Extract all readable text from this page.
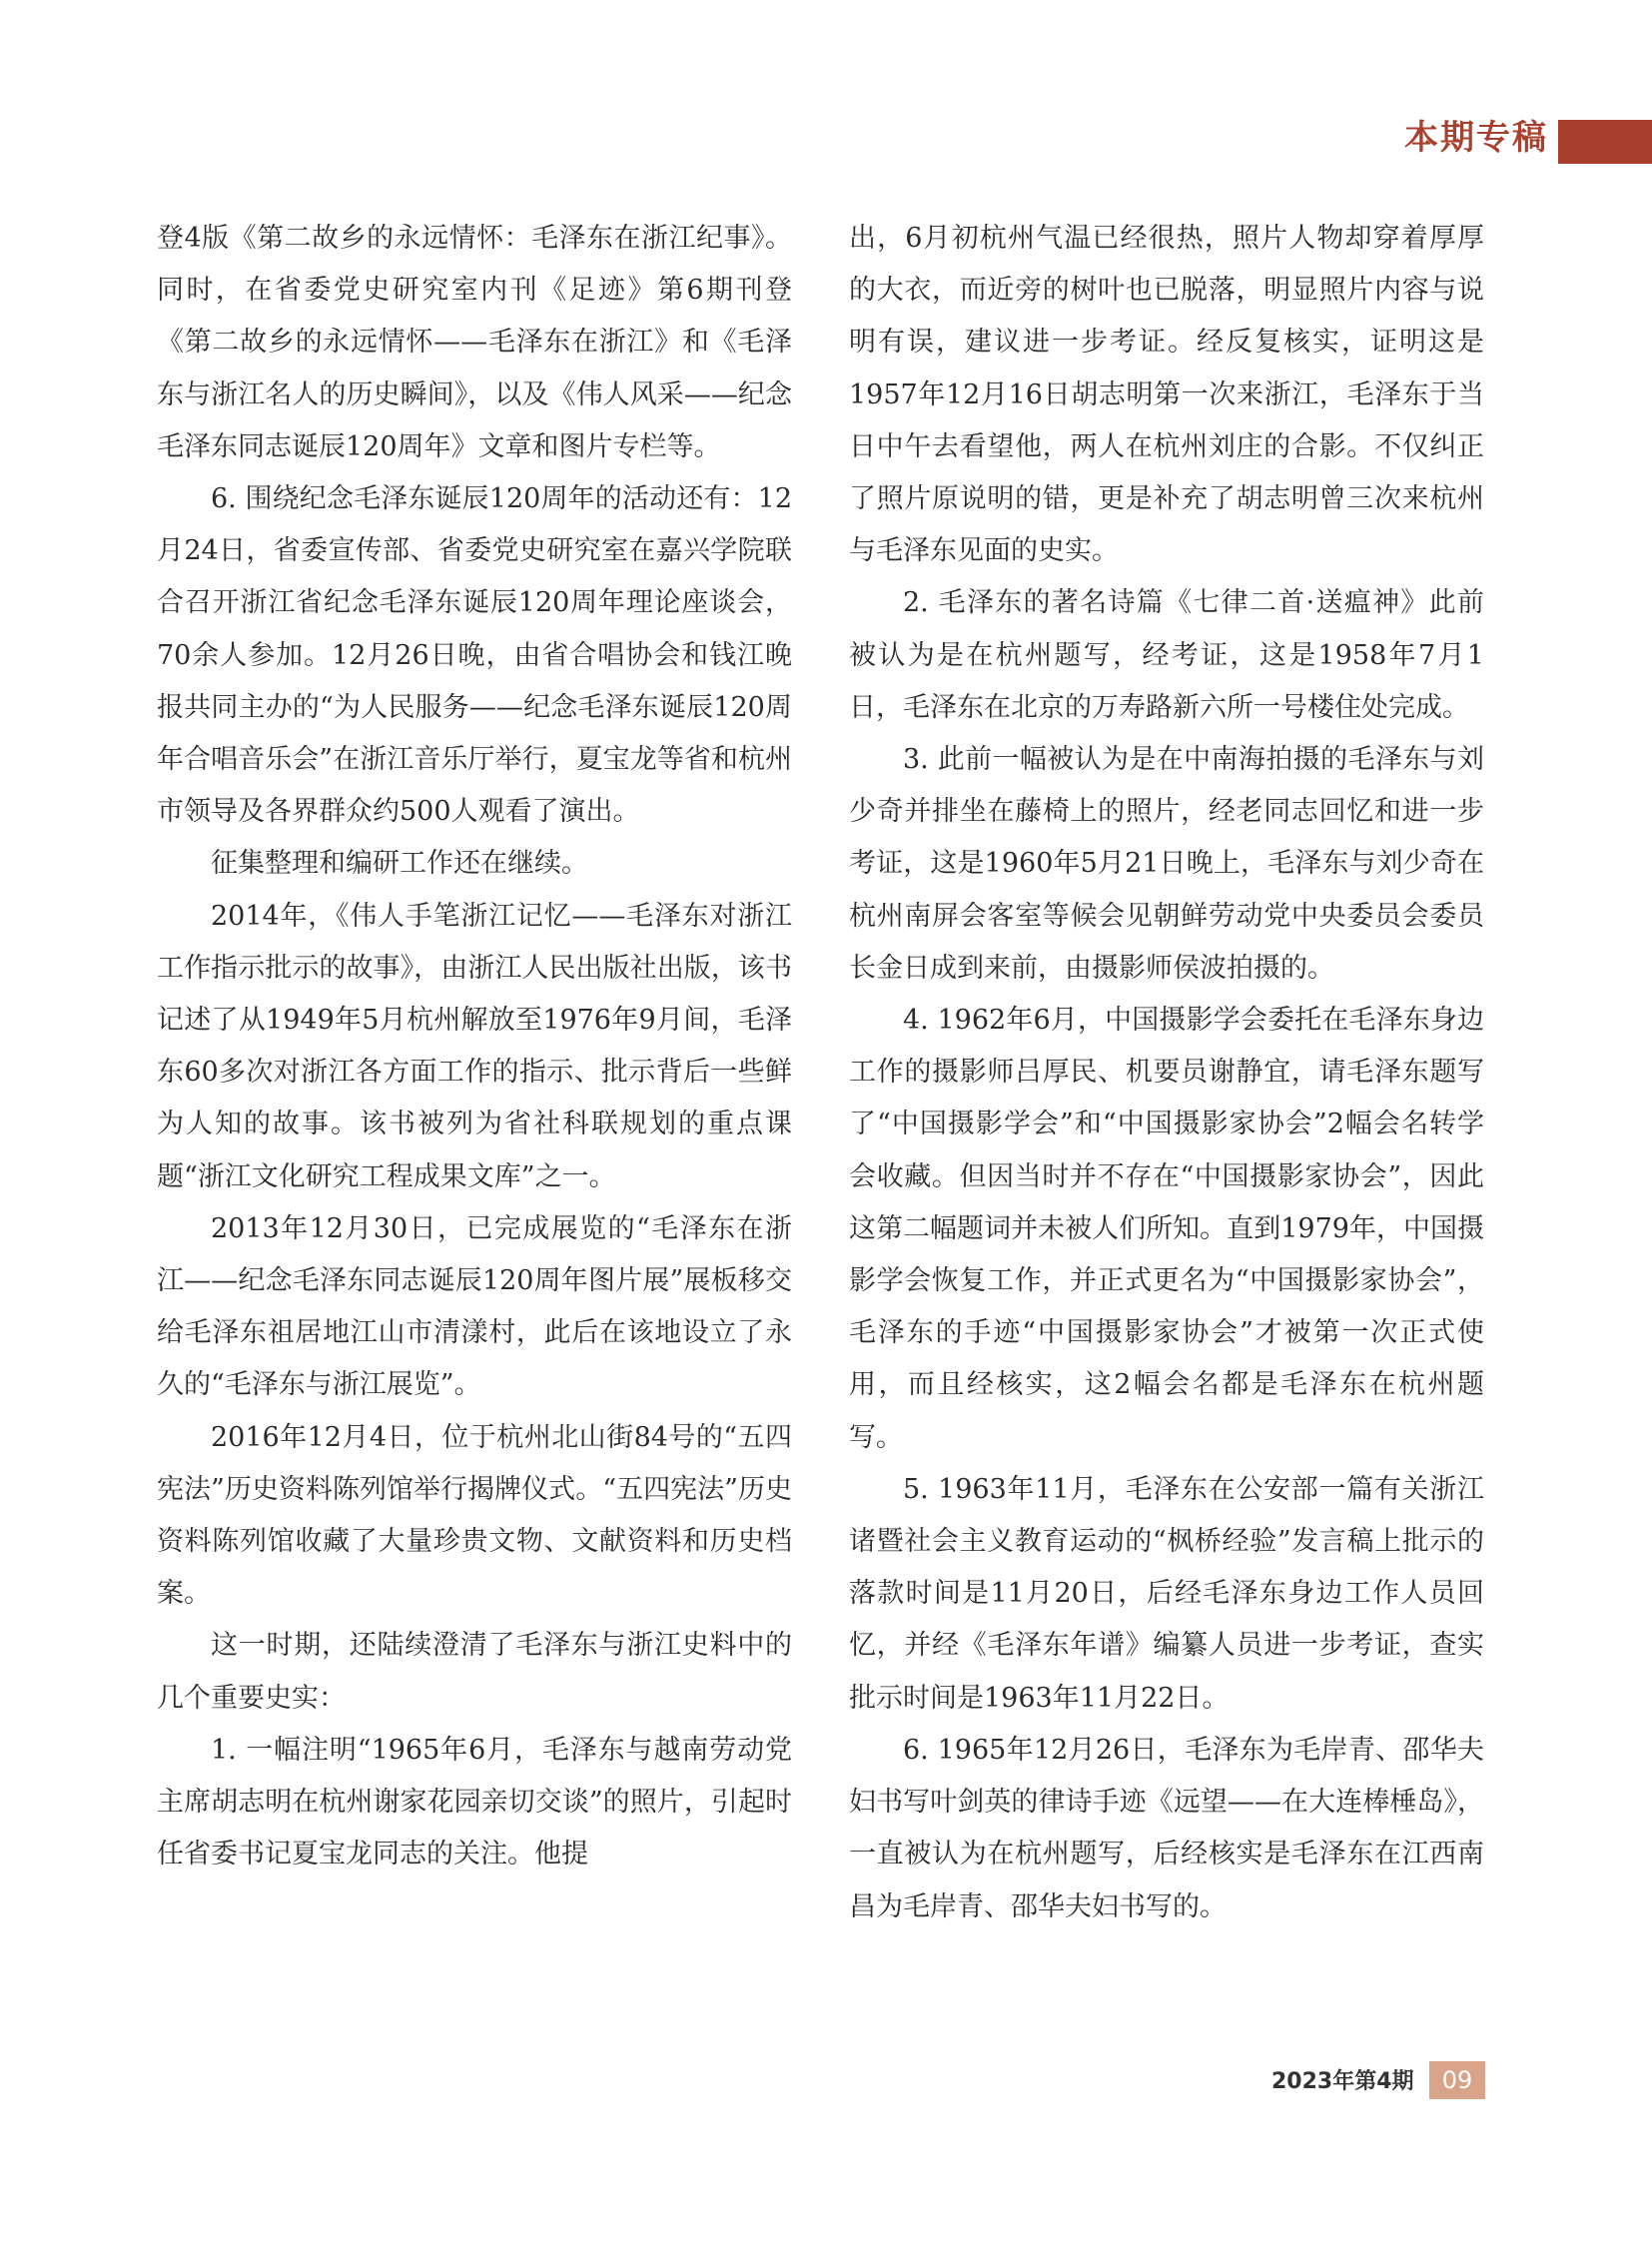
本期专稿

登4版《第二故乡的永远情怀：毛泽东在浙江纪事》。同时，在省委党史研究室内刊《足迹》第6期刊登《第二故乡的永远情怀——毛泽东在浙江》和《毛泽东与浙江名人的历史瞬间》，以及《伟人风采——纪念毛泽东同志诞辰120周年》文章和图片专栏等。

6. 围绕纪念毛泽东诞辰120周年的活动还有：12月24日，省委宣传部、省委党史研究室在嘉兴学院联合召开浙江省纪念毛泽东诞辰120周年理论座谈会，70余人参加。12月26日晚，由省合唱协会和钱江晚报共同主办的“为人民服务——纪念毛泽东诞辰120周年合唱音乐会”在浙江音乐厅举行，夏宝龙等省和杭州市领导及各界群众约500人观看了演出。

征集整理和编研工作还在继续。

2014年，《伟人手笔浙江记忆——毛泽东对浙江工作指示批示的故事》，由浙江人民出版社出版，该书记述了从1949年5月杭州解放至1976年9月间，毛泽东60多次对浙江各方面工作的指示、批示背后一些鲜为人知的故事。该书被列为省社科联规划的重点课题“浙江文化研究工程成果文库”之一。

2013年12月30日，已完成展览的“毛泽东在浙江——纪念毛泽东同志诞辰120周年图片展”展板移交给毛泽东祖居地江山市清漾村，此后在该地设立了永久的“毛泽东与浙江展览”。

2016年12月4日，位于杭州北山街84号的“五四宪法”历史资料陈列馆举行揭牌仪式。“五四宪法”历史资料陈列馆收藏了大量珍贵文物、文献资料和历史档案。

这一时期，还陆续澄清了毛泽东与浙江史料中的几个重要史实：

1. 一幅注明“1965年6月，毛泽东与越南劳动党主席胡志明在杭州谢家花园亲切交谈”的照片，引起时任省委书记夏宝龙同志的关注。他提

出，6月初杭州气温已经很热，照片人物却穿着厚厚的大衣，而近旁的树叶也已脱落，明显照片内容与说明有误，建议进一步考证。经反复核实，证明这是1957年12月16日胡志明第一次来浙江，毛泽东于当日中午去看望他，两人在杭州刘庄的合影。不仅纠正了照片原说明的错，更是补充了胡志明曾三次来杭州与毛泽东见面的史实。

2. 毛泽东的著名诗篇《七律二首·送瘟神》此前被认为是在杭州题写，经考证，这是1958年7月1日，毛泽东在北京的万寿路新六所一号楼住处完成。

3. 此前一幅被认为是在中南海拍摄的毛泽东与刘少奇并排坐在藤椅上的照片，经老同志回忆和进一步考证，这是1960年5月21日晚上，毛泽东与刘少奇在杭州南屏会客室等候会见朝鲜劳动党中央委员会委员长金日成到来前，由摄影师侯波拍摄的。

4. 1962年6月，中国摄影学会委托在毛泽东身边工作的摄影师吕厚民、机要员谢静宜，请毛泽东题写了“中国摄影学会”和“中国摄影家协会”2幅会名转学会收藏。但因当时并不存在“中国摄影家协会”，因此这第二幅题词并未被人们所知。直到1979年，中国摄影学会恢复工作，并正式更名为“中国摄影家协会”，毛泽东的手迹“中国摄影家协会”才被第一次正式使用，而且经核实，这2幅会名都是毛泽东在杭州题写。

5. 1963年11月，毛泽东在公安部一篇有关浙江诸暨社会主义教育运动的“枫桥经验”发言稿上批示的落款时间是11月20日，后经毛泽东身边工作人员回忆，并经《毛泽东年谱》编纂人员进一步考证，查实批示时间是1963年11月22日。

6. 1965年12月26日，毛泽东为毛岸青、邵华夫妇书写叶剑英的律诗手迹《远望——在大连棒棰岛》，一直被认为在杭州题写，后经核实是毛泽东在江西南昌为毛岸青、邵华夫妇书写的。

2023年第4期	09
